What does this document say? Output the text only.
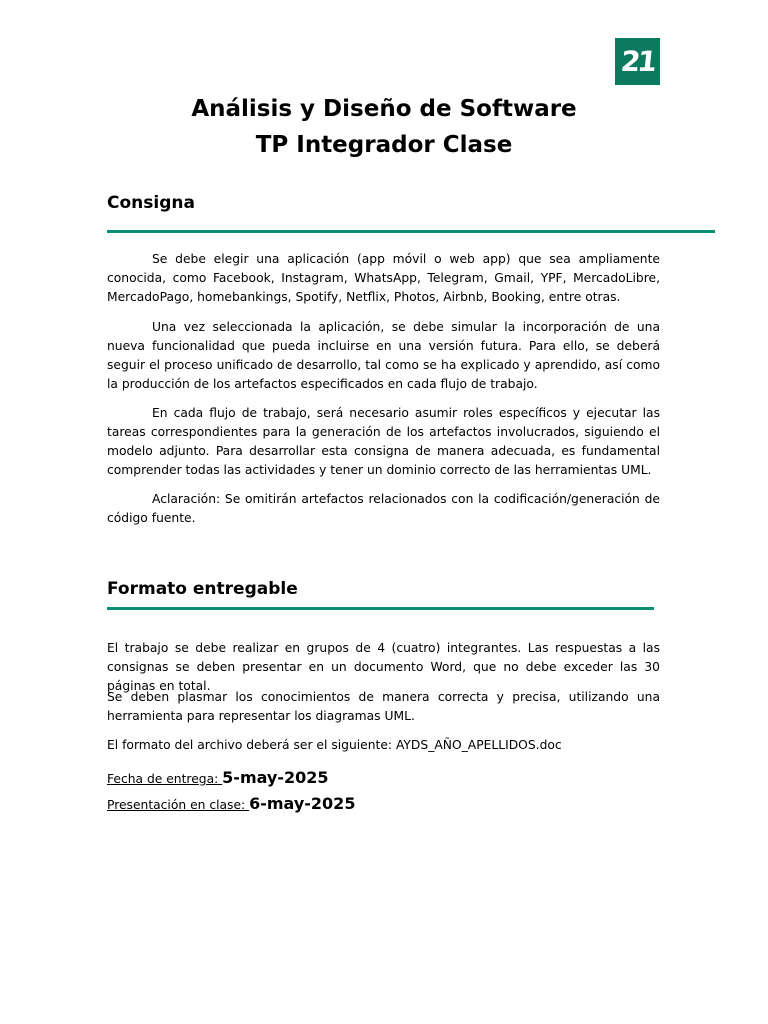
21
Análisis y Diseño de Software
TP Integrador Clase
Consigna

Se debe elegir una aplicación (app móvil o web app) que sea ampliamente conocida, como Facebook, Instagram, WhatsApp, Telegram, Gmail, YPF, MercadoLibre, MercadoPago, homebankings, Spotify, Netflix, Photos, Airbnb, Booking, entre otras.

Una vez seleccionada la aplicación, se debe simular la incorporación de una nueva funcionalidad que pueda incluirse en una versión futura. Para ello, se deberá seguir el proceso unificado de desarrollo, tal como se ha explicado y aprendido, así como la producción de los artefactos especificados en cada flujo de trabajo.

En cada flujo de trabajo, será necesario asumir roles específicos y ejecutar las tareas correspondientes para la generación de los artefactos involucrados, siguiendo el modelo adjunto. Para desarrollar esta consigna de manera adecuada, es fundamental comprender todas las actividades y tener un dominio correcto de las herramientas UML.

Aclaración: Se omitirán artefactos relacionados con la codificación/generación de código fuente.

Formato entregable

El trabajo se debe realizar en grupos de 4 (cuatro) integrantes. Las respuestas a las consignas se deben presentar en un documento Word, que no debe exceder las 30 páginas en total.

Se deben plasmar los conocimientos de manera correcta y precisa, utilizando una herramienta para representar los diagramas UML.

El formato del archivo deberá ser el siguiente: AYDS_AÑO_APELLIDOS.doc

Fecha de entrega: 5-may-2025
Presentación en clase: 6-may-2025
